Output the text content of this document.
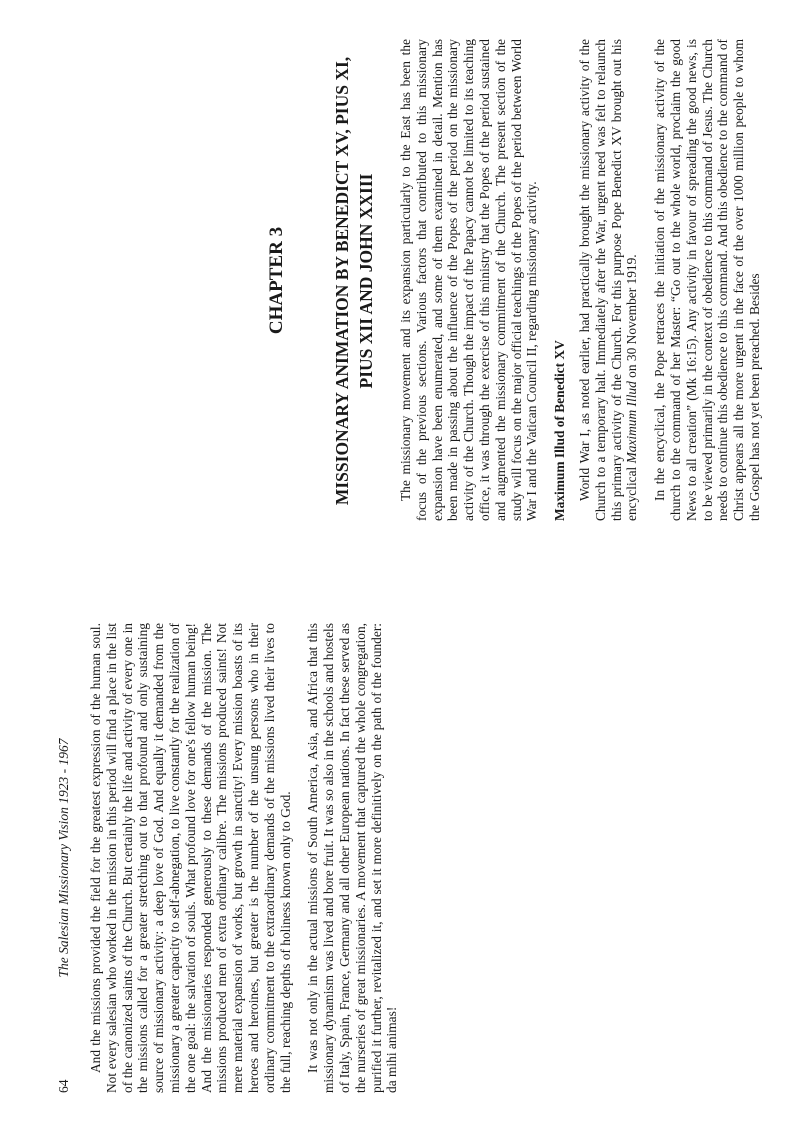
64
The Salesian Missionary Vision 1923 - 1967 And the missions provided the field for the greatest expression of the human soul. Not every salesian who worked in the mission in this period will find a place in the list of the canonized saints of the Church. But certainly the life and activity of every one in the missions called for a greater stretching out to that profound and only sustaining source of missionary activity: a deep love of God. And equally it demanded from the missionary a greater capacity to self-abnegation, to live constantly for the realization of the one goal: the salvation of souls. What profound love for one's fellow human being! And the missionaries responded generously to these demands of the mission. The missions produced men of extra ordinary calibre. The missions produced saints! Not mere material expansion of works, but growth in sanctity! Every mission boasts of its heroes and heroines, but greater is the number of the unsung persons who in their ordinary commitment to the extraordinary demands of the missions lived their lives to the full, reaching depths of holiness known only to God. It was not only in the actual missions of South America, Asia, and Africa that this missionary dynamism was lived and bore fruit. It was so also in the schools and hostels of Italy, Spain, France, Germany and all other European nations. In fact these served as the nurseries of great missionaries. A movement that captured the whole congregation, purified it further, revitalized it, and set it more definitively on the path of the founder: da mihi animas!

CHAPTER 3	MISSIONARY ANIMATION BY BENEDICT XV, PIUS XI, PIUS XII AND JOHN XXIII The missionary movement and its expansion particularly to the East has been the focus of the previous sections. Various factors that contributed to this missionary expansion have been enumerated, and some of them examined in detail. Mention has been made in passing about the influence of the Popes of the period on the missionary activity of the Church. Though the impact of the Papacy cannot be limited to its teaching office, it was through the exercise of this ministry that the Popes of the period sustained and augmented the missionary commitment of the Church. The present section of the study will focus on the major official teachings of the Popes of the period between World War I and the Vatican Council II, regarding missionary activity. Maximum Illud of Benedict XV World War I, as noted earlier, had practically brought the missionary activity of the Church to a temporary halt. Immediately after the War, urgent need was felt to relaunch this primary activity of the Church. For this purpose Pope Benedict XV brought out his encyclical Maximum Illud on 30 November 1919. In the encyclical, the Pope retraces the initiation of the missionary activity of the church to the command of her Master: “Go out to the whole world, proclaim the good News to all creation” (Mk 16:15). Any activity in favour of spreading the good news, is to be viewed primarily in the context of obedience to this command of Jesus. The Church needs to continue this obedience to this command. And this obedience to the command of Christ appears all the more urgent in the face of the over 1000 million people to whom the Gospel has not yet been preached. Besides
